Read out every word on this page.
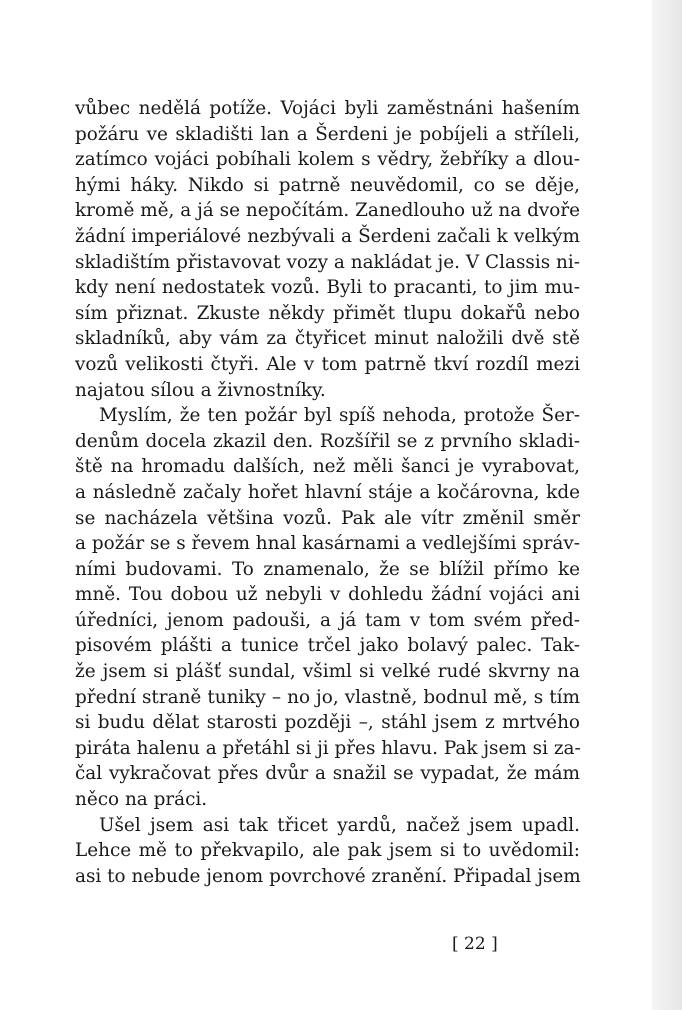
vůbec nedělá potíže. Vojáci byli zaměstnáni hašením
požáru ve skladišti lan a Šerdeni je pobíjeli a stříleli,
zatímco vojáci pobíhali kolem s vědry, žebříky a dlou-
hými háky. Nikdo si patrně neuvědomil, co se děje,
kromě mě, a já se nepočítám. Zanedlouho už na dvoře
žádní imperiálové nezbývali a Šerdeni začali k velkým
skladištím přistavovat vozy a nakládat je. V Classis ni-
kdy není nedostatek vozů. Byli to pracanti, to jim mu-
sím přiznat. Zkuste někdy přimět tlupu dokařů nebo
skladníků, aby vám za čtyřicet minut naložili dvě stě
vozů velikosti čtyři. Ale v tom patrně tkví rozdíl mezi
najatou sílou a živnostníky.
Myslím, že ten požár byl spíš nehoda, protože Šer-
denům docela zkazil den. Rozšířil se z prvního skladi-
ště na hromadu dalších, než měli šanci je vyrabovat,
a následně začaly hořet hlavní stáje a kočárovna, kde
se nacházela většina vozů. Pak ale vítr změnil směr
a požár se s řevem hnal kasárnami a vedlejšími správ-
ními budovami. To znamenalo, že se blížil přímo ke
mně. Tou dobou už nebyli v dohledu žádní vojáci ani
úředníci, jenom padouši, a já tam v tom svém před-
pisovém plášti a tunice trčel jako bolavý palec. Tak-
že jsem si plášť sundal, všiml si velké rudé skvrny na
přední straně tuniky – no jo, vlastně, bodnul mě, s tím
si budu dělat starosti později –, stáhl jsem z mrtvého
piráta halenu a přetáhl si ji přes hlavu. Pak jsem si za-
čal vykračovat přes dvůr a snažil se vypadat, že mám
něco na práci.
Ušel jsem asi tak třicet yardů, načež jsem upadl.
Lehce mě to překvapilo, ale pak jsem si to uvědomil:
asi to nebude jenom povrchové zranění. Připadal jsem
[ 22 ]
